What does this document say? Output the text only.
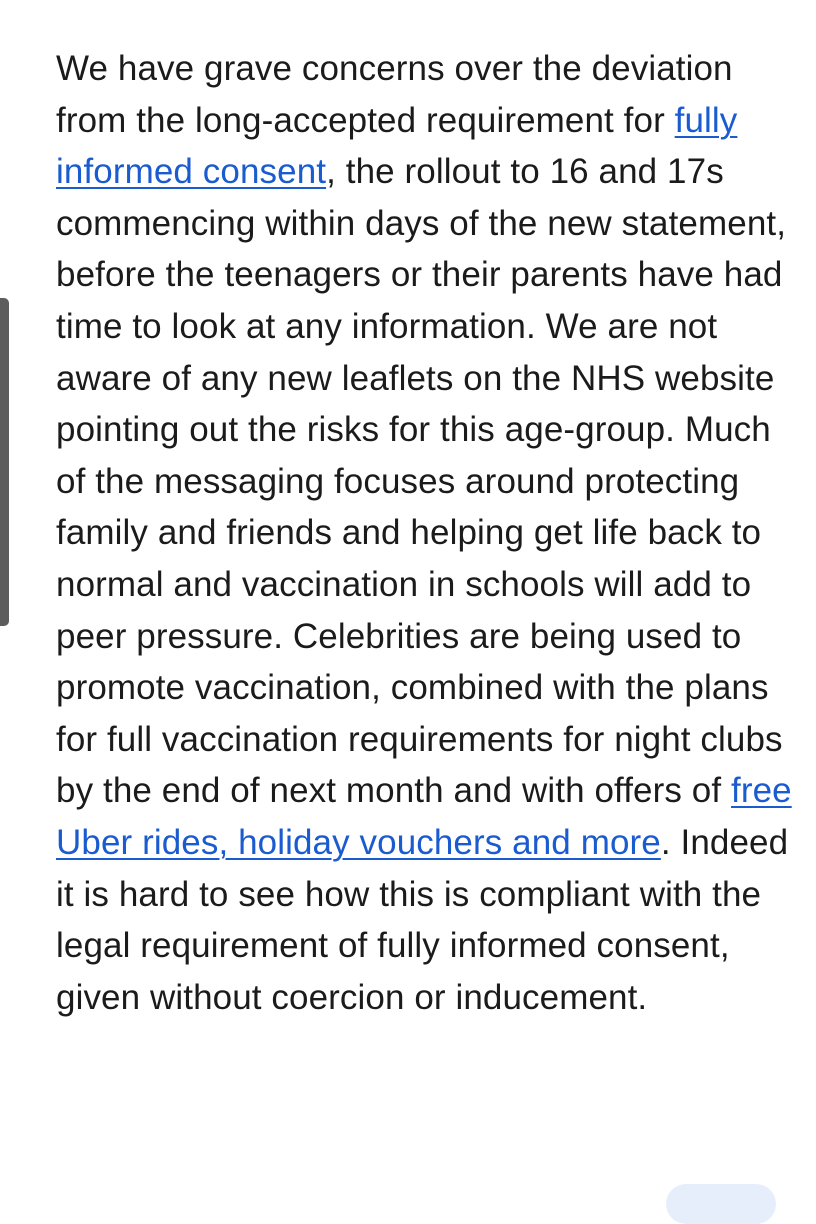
We have grave concerns over the deviation from the long-accepted requirement for fully informed consent, the rollout to 16 and 17s commencing within days of the new statement, before the teenagers or their parents have had time to look at any information. We are not aware of any new leaflets on the NHS website pointing out the risks for this age-group. Much of the messaging focuses around protecting family and friends and helping get life back to normal and vaccination in schools will add to peer pressure. Celebrities are being used to promote vaccination, combined with the plans for full vaccination requirements for night clubs by the end of next month and with offers of free Uber rides, holiday vouchers and more. Indeed it is hard to see how this is compliant with the legal requirement of fully informed consent, given without coercion or inducement.
